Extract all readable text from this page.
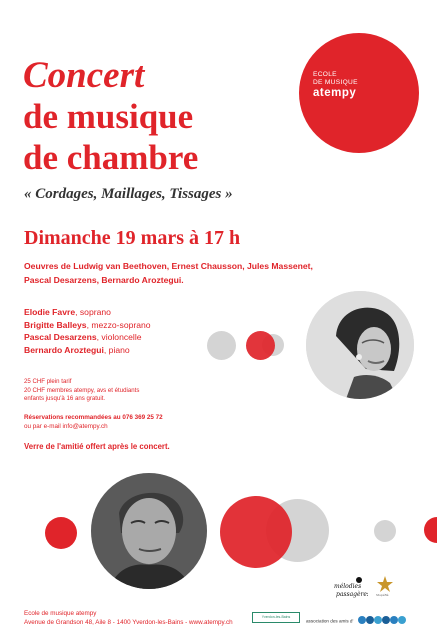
Concert
de musique
de chambre
« Cordages, Maillages, Tissages »
Dimanche 19 mars à 17 h
ECOLE
DE MUSIQUE
atempy
Oeuvres de Ludwig van Beethoven, Ernest Chausson, Jules Massenet, Pascal Desarzens, Bernardo Aroztegui.
Elodie Favre, soprano
Brigitte Balleys, mezzo-soprano
Pascal Desarzens, violoncelle
Bernardo Aroztegui, piano
25 CHF plein tarif
20 CHF membres atempy, avs et étudiants
enfants jusqu'à 16 ans gratuit.
Réservations recommandées au 076 369 25 72
ou par e-mail info@atempy.ch
Verre de l'amitié offert après le concert.
mélodies
passagères Stupéfiè
Yverdon-les-Bains
association des amis d'
Ecole de musique atempy
Avenue de Grandson 48, Aile 8 - 1400 Yverdon-les-Bains - www.atempy.ch
